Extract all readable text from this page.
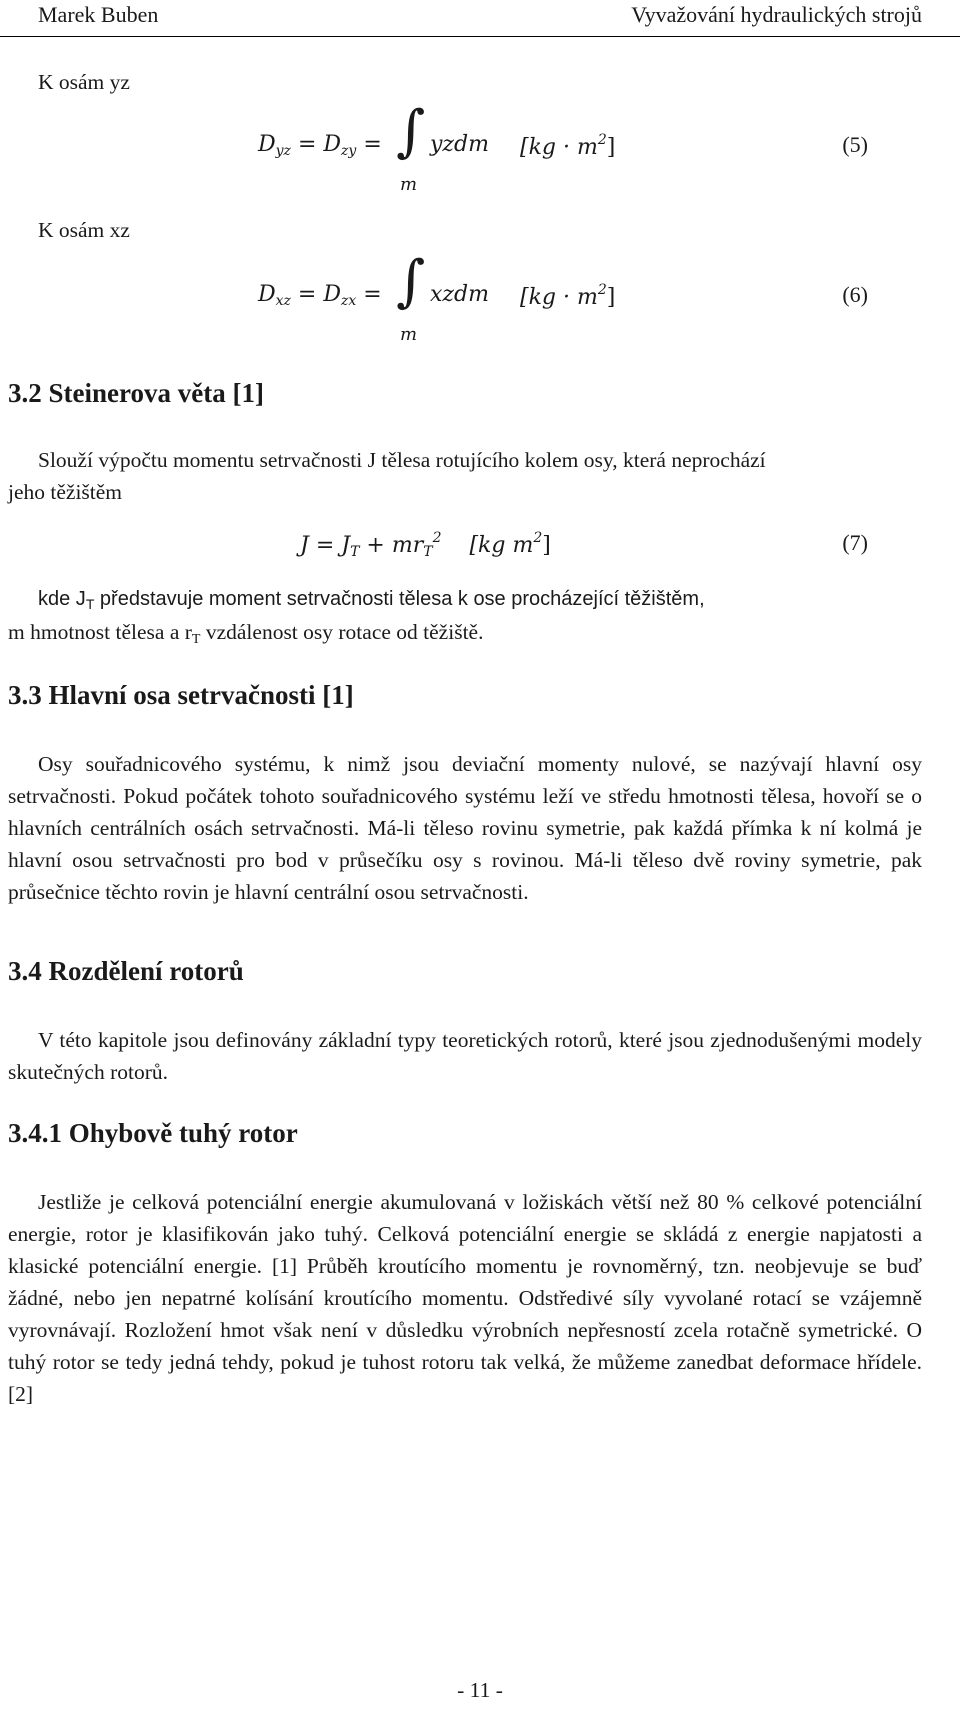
Marek Buben	Vyvažování hydraulických strojů
K osám yz
$D_{yz} = D_{zy}$ = ∫
m
yzdm $[kg \cdot m^2]$	(5)
K osám xz
$D_{xz} = D_{zx}$ = ∫
m
xzdm $[kg \cdot m^2]$	(6)
3.2 Steinerova věta [1]
Slouží výpočtu momentu setrvačnosti J tělesa rotujícího kolem osy, která neprochází
jeho těžištěm
$J = J_T + mr_T^2$ [kg $m^2$]	(7)
kde $J_T$ představuje moment setrvačnosti tělesa k ose procházející těžištěm,
m hmotnost tělesa a $r_T$ vzdálenost osy rotace od těžiště.
3.3 Hlavní osa setrvačnosti [1]
Osy souřadnicového systému, k nimž jsou deviační momenty nulové, se nazývají hlavní osy setrvačnosti. Pokud počátek tohoto souřadnicového systému leží ve středu hmotnosti tělesa, hovoří se o hlavních centrálních osách setrvačnosti. Má-li těleso rovinu symetrie, pak každá přímka k ní kolmá je hlavní osou setrvačnosti pro bod v průsečíku osy s rovinou. Má-li těleso dvě roviny symetrie, pak průsečnice těchto rovin je hlavní centrální osou setrvačnosti.
3.4 Rozdělení rotorů
V této kapitole jsou definovány základní typy teoretických rotorů, které jsou zjednodušenými modely skutečných rotorů.
3.4.1 Ohybově tuhý rotor
Jestliže je celková potenciální energie akumulovaná v ložiskách větší než 80 % celkové potenciální energie, rotor je klasifikován jako tuhý. Celková potenciální energie se skládá z energie napjatosti a klasické potenciální energie. [1] Průběh kroutícího momentu je rovnoměrný, tzn. neobjevuje se buď žádné, nebo jen nepatrné kolísání kroutícího momentu. Odstředivé síly vyvolané rotací se vzájemně vyrovnávají. Rozložení hmot však není v důsledku výrobních nepřesností zcela rotačně symetrické. O tuhý rotor se tedy jedná tehdy, pokud je tuhost rotoru tak velká, že můžeme zanedbat deformace hřídele. [2]
- 11 -
